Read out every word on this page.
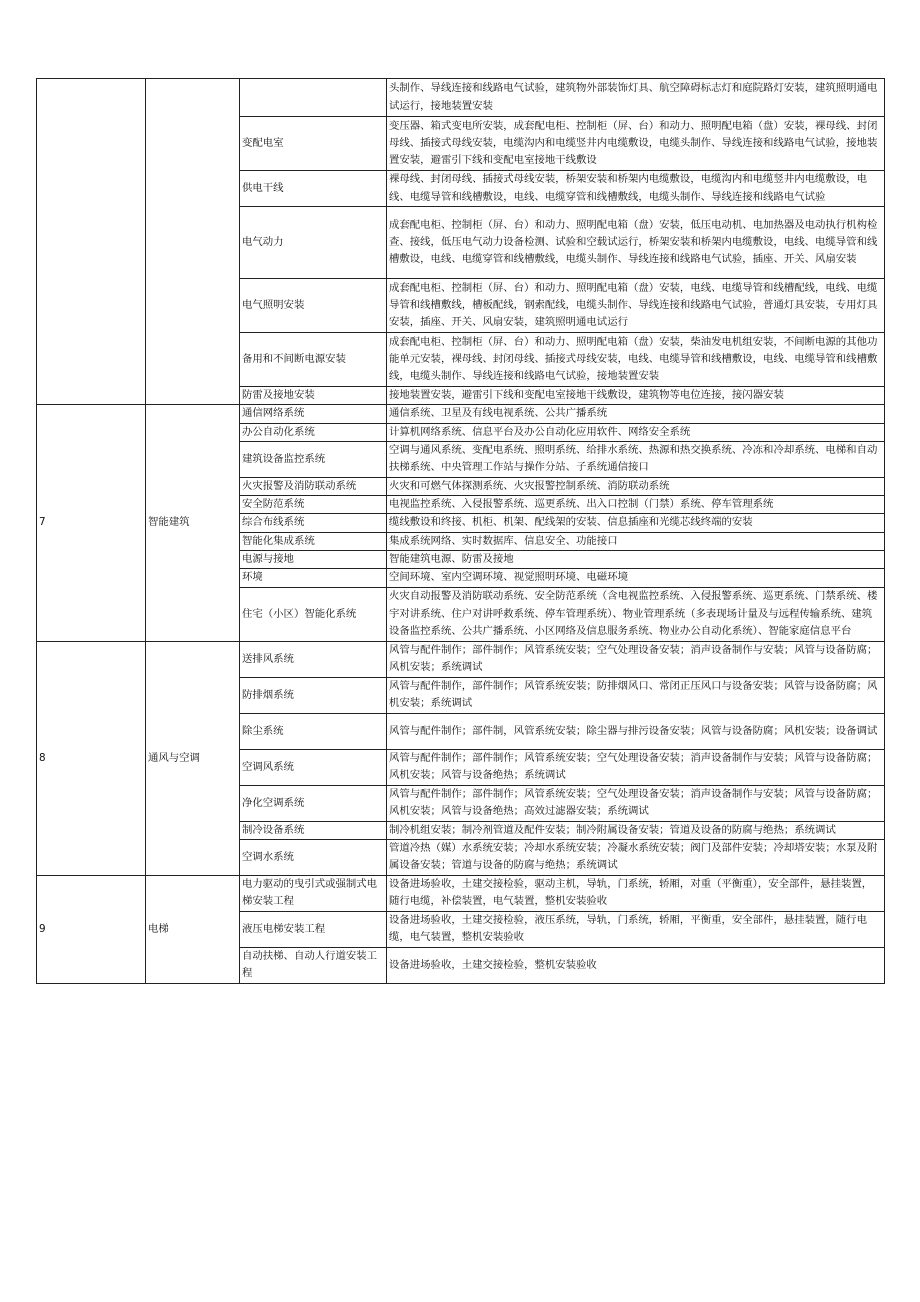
			头制作、导线连接和线路电气试验，建筑物外部装饰灯具、航空障碍标志灯和庭院路灯安装，建筑照明通电试运行，接地装置安装
		变配电室	变压器、箱式变电所安装，成套配电柜、控制柜（屏、台）和动力、照明配电箱（盘）安装，裸母线、封闭母线、插接式母线安装，电缆沟内和电缆竖井内电缆敷设，电缆头制作、导线连接和线路电气试验，接地装置安装，避雷引下线和变配电室接地干线敷设
		供电干线	裸母线、封闭母线、插接式母线安装，桥架安装和桥架内电缆敷设，电缆沟内和电缆竖井内电缆敷设，电线、电缆导管和线槽敷设，电线、电缆穿管和线槽敷线，电缆头制作、导线连接和线路电气试验
		电气动力	成套配电柜、控制柜（屏、台）和动力、照明配电箱（盘）安装，低压电动机、电加热器及电动执行机构检查、接线，低压电气动力设备检测、试验和空载试运行，桥架安装和桥架内电缆敷设，电线、电缆导管和线槽敷设，电线、电缆穿管和线槽敷线，电缆头制作、导线连接和线路电气试验，插座、开关、风扇安装
		电气照明安装	成套配电柜、控制柜（屏、台）和动力、照明配电箱（盘）安装，电线、电缆导管和线槽配线，电线、电缆导管和线槽敷线，槽板配线，钢索配线，电缆头制作、导线连接和线路电气试验，普通灯具安装，专用灯具安装，插座、开关、风扇安装，建筑照明通电试运行
		备用和不间断电源安装	成套配电柜、控制柜（屏、台）和动力、照明配电箱（盘）安装，柴油发电机组安装，不间断电源的其他功能单元安装，裸母线、封闭母线、插接式母线安装，电线、电缆导管和线槽敷设，电线、电缆导管和线槽敷线，电缆头制作、导线连接和线路电气试验，接地装置安装
		防雷及接地安装	接地装置安装，避雷引下线和变配电室接地干线敷设，建筑物等电位连接，接闪器安装
7	智能建筑	通信网络系统	通信系统、卫星及有线电视系统、公共广播系统
		办公自动化系统	计算机网络系统、信息平台及办公自动化应用软件、网络安全系统
		建筑设备监控系统	空调与通风系统、变配电系统、照明系统、给排水系统、热源和热交换系统、冷冻和冷却系统、电梯和自动扶梯系统、中央管理工作站与操作分站、子系统通信接口
		火灾报警及消防联动系统	火灾和可燃气体探测系统、火灾报警控制系统、消防联动系统
		安全防范系统	电视监控系统、入侵报警系统、巡更系统、出入口控制（门禁）系统、停车管理系统
		综合布线系统	缆线敷设和终接、机柜、机架、配线架的安装、信息插座和光缆芯线终端的安装
		智能化集成系统	集成系统网络、实时数据库、信息安全、功能接口
		电源与接地	智能建筑电源、防雷及接地
		环境	空间环境、室内空调环境、视觉照明环境、电磁环境
		住宅（小区）智能化系统	火灾自动报警及消防联动系统、安全防范系统（含电视监控系统、入侵报警系统、巡更系统、门禁系统、楼宇对讲系统、住户对讲呼救系统、停车管理系统）、物业管理系统（多表现场计量及与远程传输系统、建筑设备监控系统、公共广播系统、小区网络及信息服务系统、物业办公自动化系统）、智能家庭信息平台
8	通风与空调	送排风系统	风管与配件制作；部件制作；风管系统安装；空气处理设备安装；消声设备制作与安装；风管与设备防腐；风机安装；系统调试
		防排烟系统	风管与配件制作，部件制作；风管系统安装；防排烟风口、常闭正压风口与设备安装；风管与设备防腐；风机安装；系统调试
		除尘系统	风管与配件制作；部件制，风管系统安装；除尘器与排污设备安装；风管与设备防腐；风机安装；设备调试
		空调风系统	风管与配件制作；部件制作；风管系统安装；空气处理设备安装；消声设备制作与安装；风管与设备防腐；风机安装；风管与设备绝热；系统调试
		净化空调系统	风管与配件制作；部件制作；风管系统安装；空气处理设备安装；消声设备制作与安装；风管与设备防腐；风机安装；风管与设备绝热；高效过滤器安装；系统调试
		制冷设备系统	制冷机组安装；制冷剂管道及配件安装；制冷附属设备安装；管道及设备的防腐与绝热；系统调试
		空调水系统	管道冷热（媒）水系统安装；冷却水系统安装；冷凝水系统安装；阀门及部件安装；冷却塔安装；水泵及附属设备安装；管道与设备的防腐与绝热；系统调试
9	电梯	电力驱动的曳引式或强制式电梯安装工程	设备进场验收，土建交接检验，驱动主机，导轨，门系统，轿厢，对重（平衡重），安全部件，悬挂装置，随行电缆，补偿装置，电气装置，整机安装验收
		液压电梯安装工程	设备进场验收，土建交接检验，液压系统，导轨，门系统，轿厢，平衡重，安全部件，悬挂装置，随行电缆，电气装置，整机安装验收
		自动扶梯、自动人行道安装工程	设备进场验收，土建交接检验，整机安装验收
